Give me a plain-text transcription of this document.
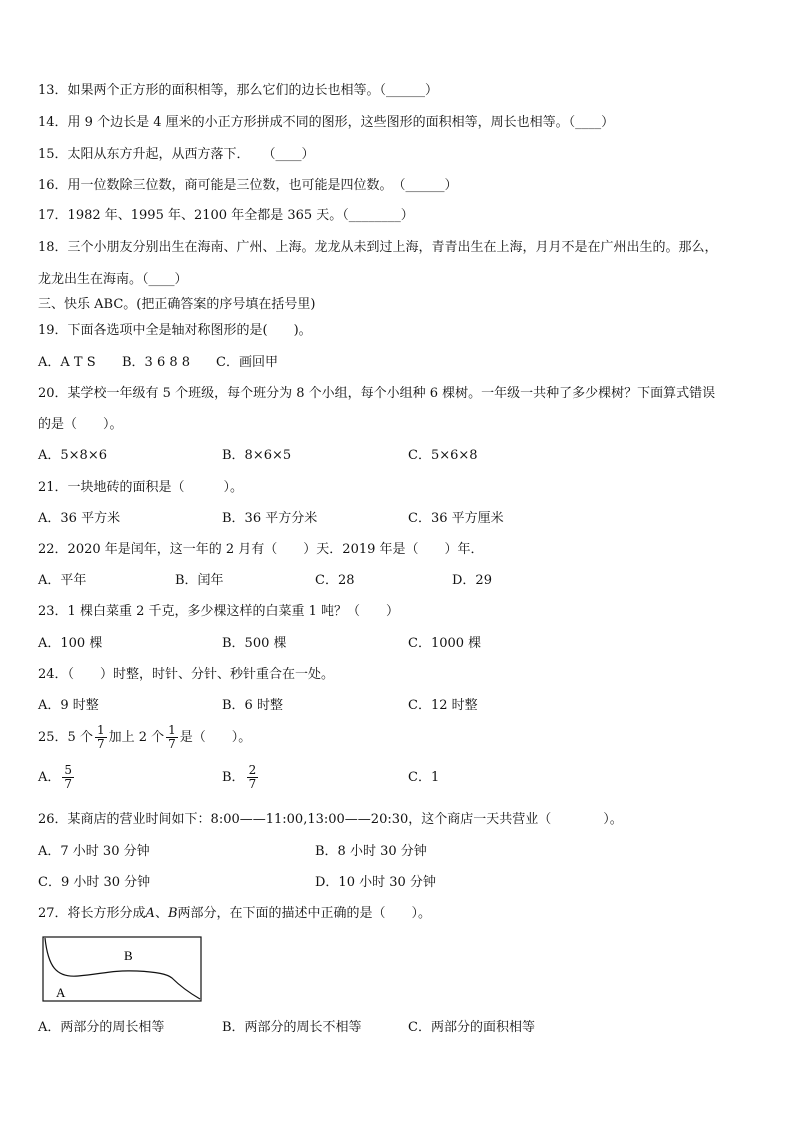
13．如果两个正方形的面积相等，那么它们的边长也相等。（______）
14．用 9 个边长是 4 厘米的小正方形拼成不同的图形，这些图形的面积相等，周长也相等。（____）
15．太阳从东方升起，从西方落下．　　（____）
16．用一位数除三位数，商可能是三位数，也可能是四位数。　（______）
17．1982 年、1995 年、2100 年全都是 365 天。（________）
18．三个小朋友分别出生在海南、广州、上海。龙龙从未到过上海，青青出生在上海，月月不是在广州出生的。那么，
龙龙出生在海南。（____）
三、快乐 ABC。(把正确答案的序号填在括号里)
19．下面各选项中全是轴对称图形的是(　　)。
A．A T S B．3 6 8 8 C．画回甲
20．某学校一年级有 5 个班级，每个班分为 8 个小组，每个小组种 6 棵树。一年级一共种了多少棵树？下面算式错误
的是（　　）。
A．5×8×6	B．8×6×5	C．5×6×8
21．一块地砖的面积是（　　　）。
A．36 平方米	B．36 平方分米	C．36 平方厘米
22．2020 年是闰年，这一年的 2 月有（　　）天．2019 年是（　　）年．
A．平年	B．闰年	C．28	D．29
23．1 棵白菜重 2 千克，多少棵这样的白菜重 1 吨？（　　）
A．100 棵	B．500 棵	C．1000 棵
24．（　　）时整，时针、分针、秒针重合在一处。
A．9 时整	B．6 时整	C．12 时整
25．5 个 $\frac{1}{7}$ 加上 2 个 $\frac{1}{7}$ 是（　　）。
A． $\frac{5}{7}$	B． $\frac{2}{7}$	C．1
26．某商店的营业时间如下：8:00——11:00,13:00——20:30，这个商店一天共营业（　　　　）。
A．7 小时 30 分钟	B．8 小时 30 分钟
C．9 小时 30 分钟	D．10 小时 30 分钟
27．将长方形分成A、B两部分，在下面的描述中正确的是（　　）。
B
A
A．两部分的周长相等	B．两部分的周长不相等	C．两部分的面积相等
